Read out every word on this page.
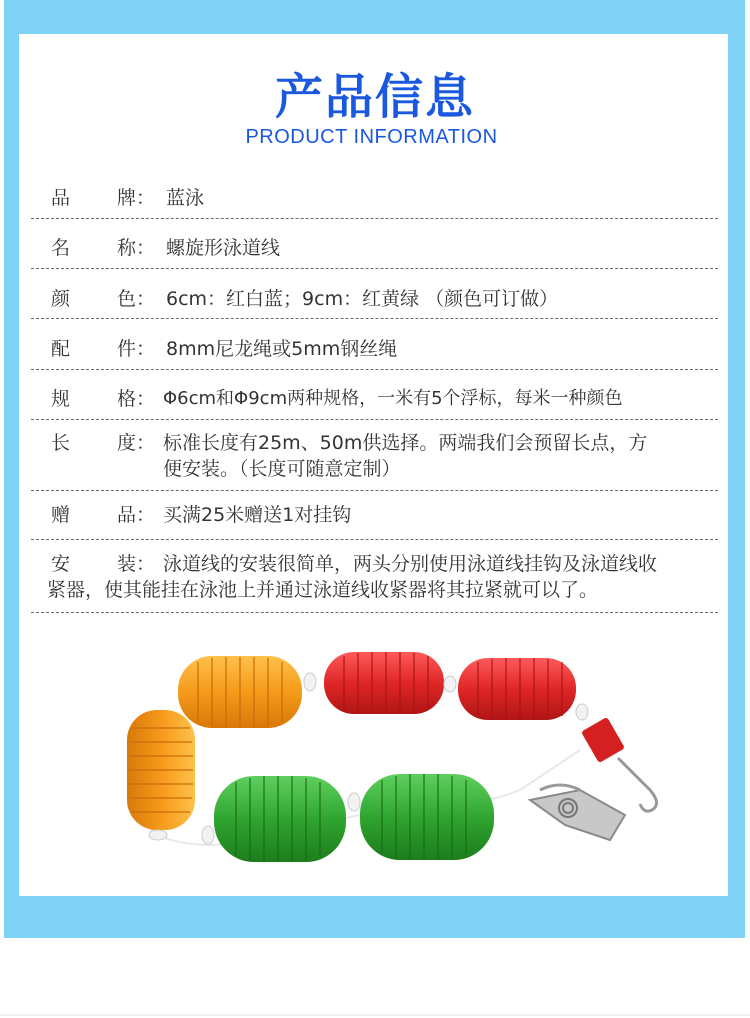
产品信息
PRODUCT INFORMATION
品 牌 ： 蓝泳
名 称 ： 螺旋形泳道线
颜 色 ： 6cm：红白蓝；9cm：红黄绿 （颜色可订做）
配 件 ： 8mm尼龙绳或5mm钢丝绳
规 格 ： Φ6cm和Φ9cm两种规格，一米有5个浮标，每米一种颜色
长 度 ： 标准长度有25m、50m供选择。两端我们会预留长点，方
便安装。（长度可随意定制）
赠 品 ： 买满25米赠送1对挂钩
安 装 ： 泳道线的安装很简单，两头分别使用泳道线挂钩及泳道线收
紧器，使其能挂在泳池上并通过泳道线收紧器将其拉紧就可以了。
